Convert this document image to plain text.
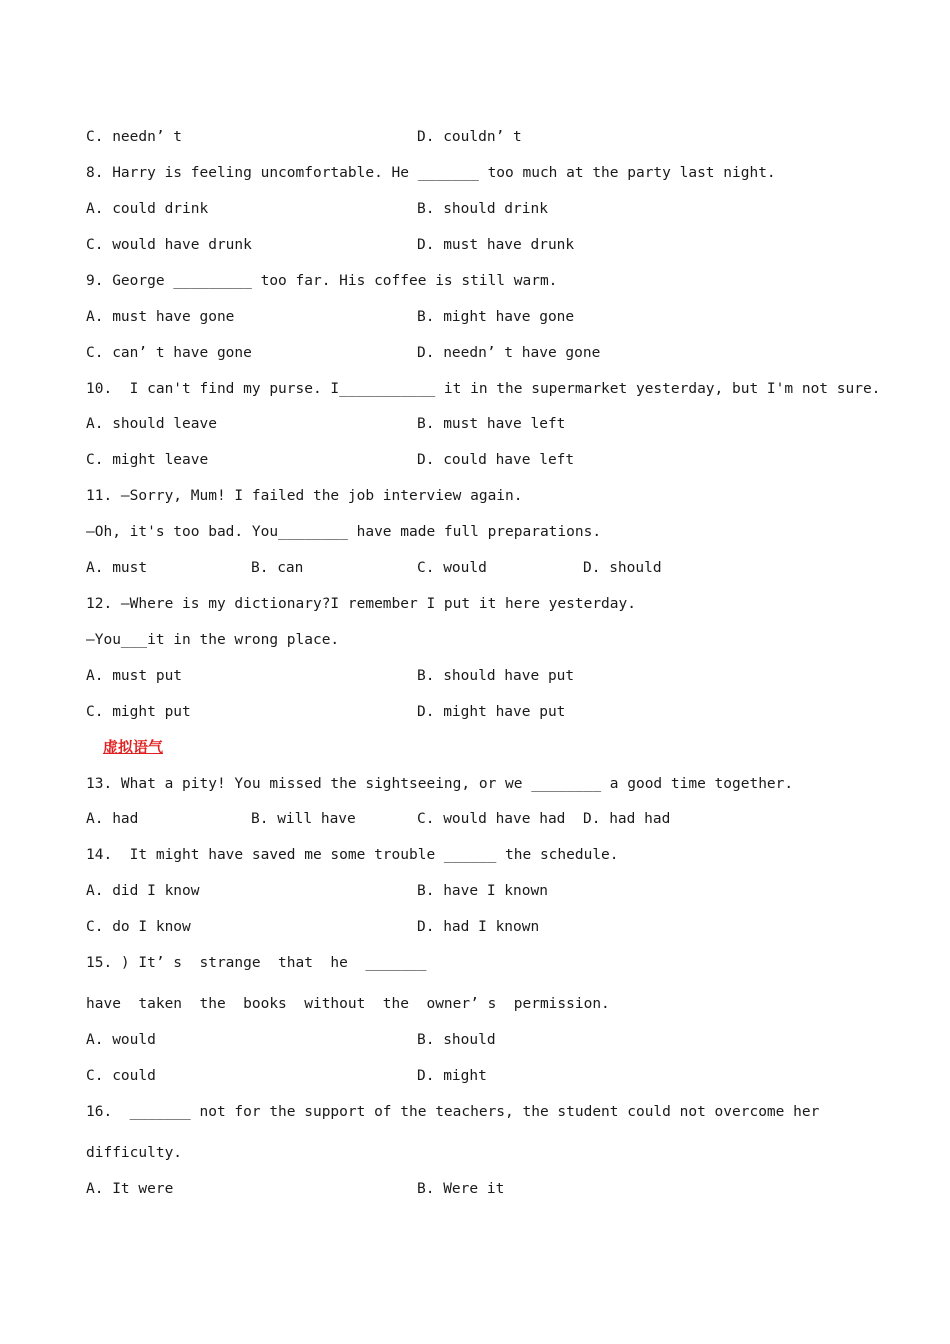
C. needn’ t	D. couldn’ t
8. Harry is feeling uncomfortable. He _______ too much at the party last night.
A. could drink	B. should drink
C. would have drunk	D. must have drunk
9. George _________ too far. His coffee is still warm.
A. must have gone	B. might have gone
C. can’ t have gone	D. needn’ t have gone
10.  I can't find my purse. I___________ it in the supermarket yesterday, but I'm not sure.
A. should leave	B. must have left
C. might leave	D. could have left
11. —Sorry, Mum! I failed the job interview again.
—Oh, it's too bad. You________ have made full preparations.
A. must	B. can	C. would	D. should
12. —Where is my dictionary?I remember I put it here yesterday.
—You___it in the wrong place.
A. must put	B. should have put
C. might put	D. might have put
虚拟语气
13. What a pity! You missed the sightseeing, or we ________ a good time together.
A. had	B. will have	C. would have had D. had had
14.  It might have saved me some trouble ______ the schedule.
A. did I know	B. have I known
C. do I know	D. had I known
15. ) It’ s  strange  that  he  _______
have  taken  the  books  without  the  owner’ s  permission.
A. would	B. should
C. could	D. might
16.  _______ not for the support of the teachers, the student could not overcome her
difficulty.
A. It were	B. Were it
